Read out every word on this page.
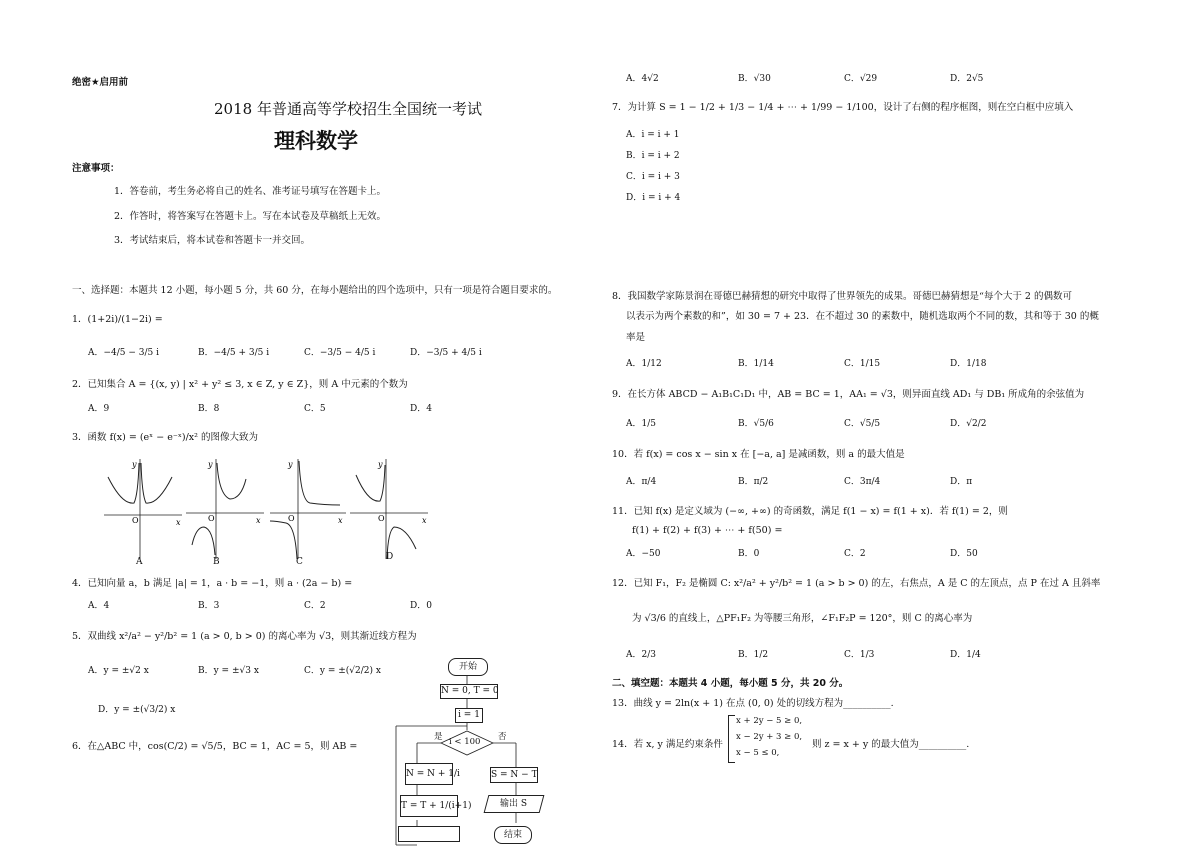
绝密★启用前
2018 年普通高等学校招生全国统一考试
理科数学
注意事项：
1．答卷前，考生务必将自己的姓名、准考证号填写在答题卡上。
2．作答时，将答案写在答题卡上。写在本试卷及草稿纸上无效。
3．考试结束后，将本试卷和答题卡一并交回。
一、选择题：本题共 12 小题，每小题 5 分，共 60 分，在每小题给出的四个选项中，只有一项是符合题目要求的。
1．(1+2i)/(1−2i) =
A．−4/5 − 3/5 i	B．−4/5 + 3/5 i	C．−3/5 − 4/5 i	D．−3/5 + 4/5 i
2．已知集合 A = {(x, y) | x² + y² ≤ 3, x ∈ Z, y ∈ Z}，则 A 中元素的个数为
A．9	B．8	C．5	D．4
3．函数 f(x) = (eˣ − e⁻ˣ)/x² 的图像大致为
y
x
O
y
x
O
y
x
O
y
x
O
A	B	C	D
4．已知向量 a，b 满足 |a| = 1，a · b = −1，则 a · (2a − b) =
A．4	B．3	C．2	D．0
5．双曲线 x²/a² − y²/b² = 1 (a > 0, b > 0) 的离心率为 √3，则其渐近线方程为
A．y = ±√2 x	B．y = ±√3 x	C．y = ±(√2/2) x
D．y = ±(√3/2) x
6．在△ABC 中，cos(C/2) = √5/5，BC = 1，AC = 5，则 AB =
开始
N = 0, T = 0
i = 1
i < 100
是	否
N = N + 1/i	S = N − T
T = T + 1/(i+1)	输出 S
结束
A．4√2	B．√30	C．√29	D．2√5
7．为计算 S = 1 − 1/2 + 1/3 − 1/4 + ⋯ + 1/99 − 1/100，设计了右侧的程序框图，则在空白框中应填入
A．i = i + 1
B．i = i + 2
C．i = i + 3
D．i = i + 4
8．我国数学家陈景润在哥德巴赫猜想的研究中取得了世界领先的成果。哥德巴赫猜想是“每个大于 2 的偶数可
以表示为两个素数的和”，如 30 = 7 + 23．在不超过 30 的素数中，随机选取两个不同的数，其和等于 30 的概
率是
A．1/12	B．1/14	C．1/15	D．1/18
9．在长方体 ABCD − A₁B₁C₁D₁ 中，AB = BC = 1，AA₁ = √3，则异面直线 AD₁ 与 DB₁ 所成角的余弦值为
A．1/5	B．√5/6	C．√5/5	D．√2/2
10．若 f(x) = cos x − sin x 在 [−a, a] 是减函数，则 a 的最大值是
A．π/4	B．π/2	C．3π/4	D．π
11．已知 f(x) 是定义域为 (−∞, +∞) 的奇函数，满足 f(1 − x) = f(1 + x)．若 f(1) = 2，则
f(1) + f(2) + f(3) + ⋯ + f(50) =
A．−50	B．0	C．2	D．50
12．已知 F₁，F₂ 是椭圆 C: x²/a² + y²/b² = 1 (a > b > 0) 的左，右焦点，A 是 C 的左顶点，点 P 在过 A 且斜率
为 √3/6 的直线上，△PF₁F₂ 为等腰三角形，∠F₁F₂P = 120°，则 C 的离心率为
A．2/3	B．1/2	C．1/3	D．1/4
二、填空题：本题共 4 小题，每小题 5 分，共 20 分。
13．曲线 y = 2ln(x + 1) 在点 (0, 0) 处的切线方程为__________.
14．若 x, y 满足约束条件
x + 2y − 5 ≥ 0,
x − 2y + 3 ≥ 0,
x − 5 ≤ 0,
则 z = x + y 的最大值为__________.
